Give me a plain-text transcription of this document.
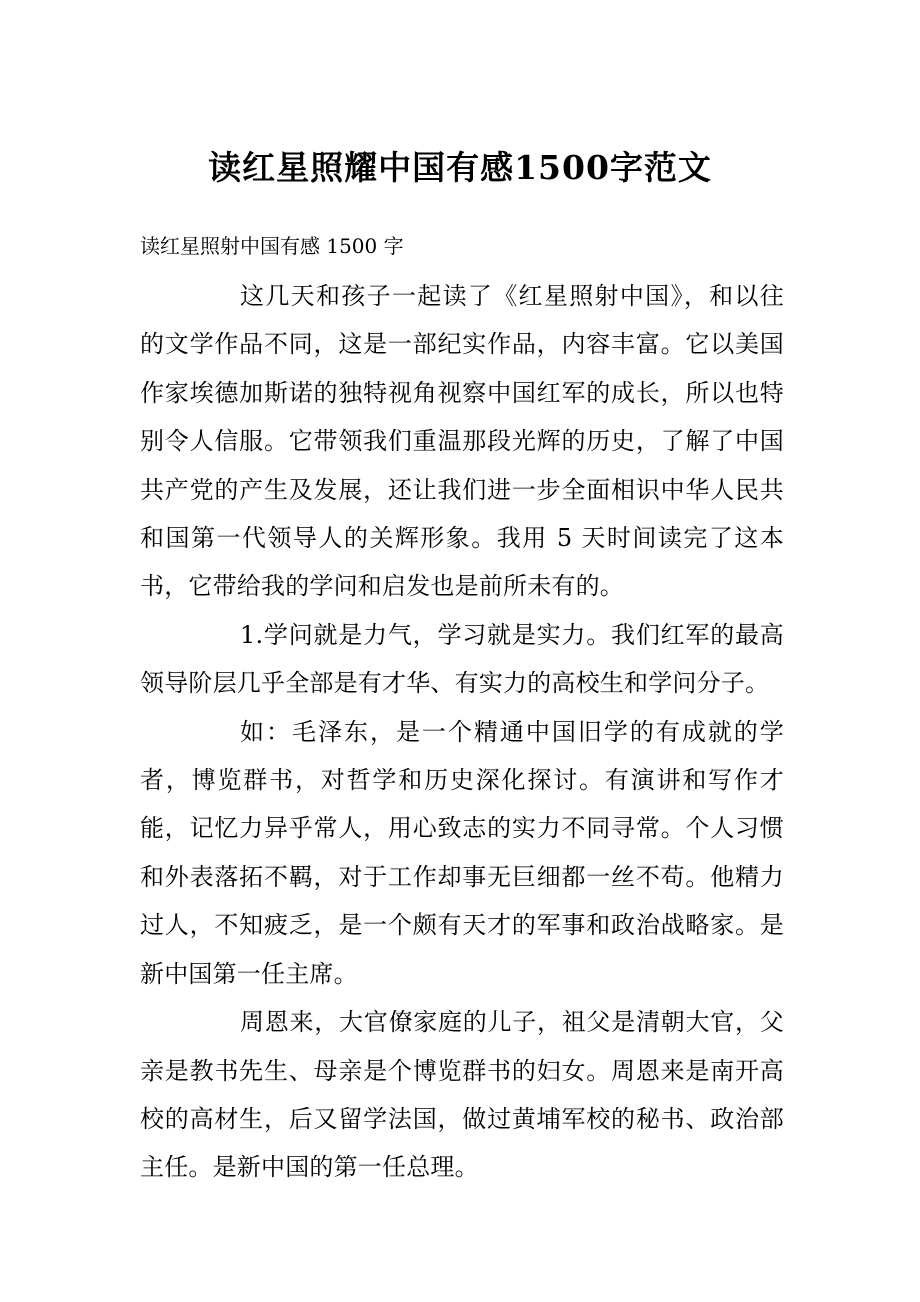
读红星照耀中国有感1500字范文
读红星照射中国有感 1500 字

这几天和孩子一起读了《红星照射中国》，和以往的文学作品不同，这是一部纪实作品，内容丰富。它以美国作家埃德加斯诺的独特视角视察中国红军的成长，所以也特别令人信服。它带领我们重温那段光辉的历史，了解了中国共产党的产生及发展，还让我们进一步全面相识中华人民共和国第一代领导人的关辉形象。我用 5 天时间读完了这本书，它带给我的学问和启发也是前所未有的。

1.学问就是力气，学习就是实力。我们红军的最高领导阶层几乎全部是有才华、有实力的高校生和学问分子。

如：毛泽东，是一个精通中国旧学的有成就的学者，博览群书，对哲学和历史深化探讨。有演讲和写作才能，记忆力异乎常人，用心致志的实力不同寻常。个人习惯和外表落拓不羁，对于工作却事无巨细都一丝不苟。他精力过人，不知疲乏，是一个颇有天才的军事和政治战略家。是新中国第一任主席。

周恩来，大官僚家庭的儿子，祖父是清朝大官，父亲是教书先生、母亲是个博览群书的妇女。周恩来是南开高校的高材生，后又留学法国，做过黄埔军校的秘书、政治部主任。是新中国的第一任总理。
